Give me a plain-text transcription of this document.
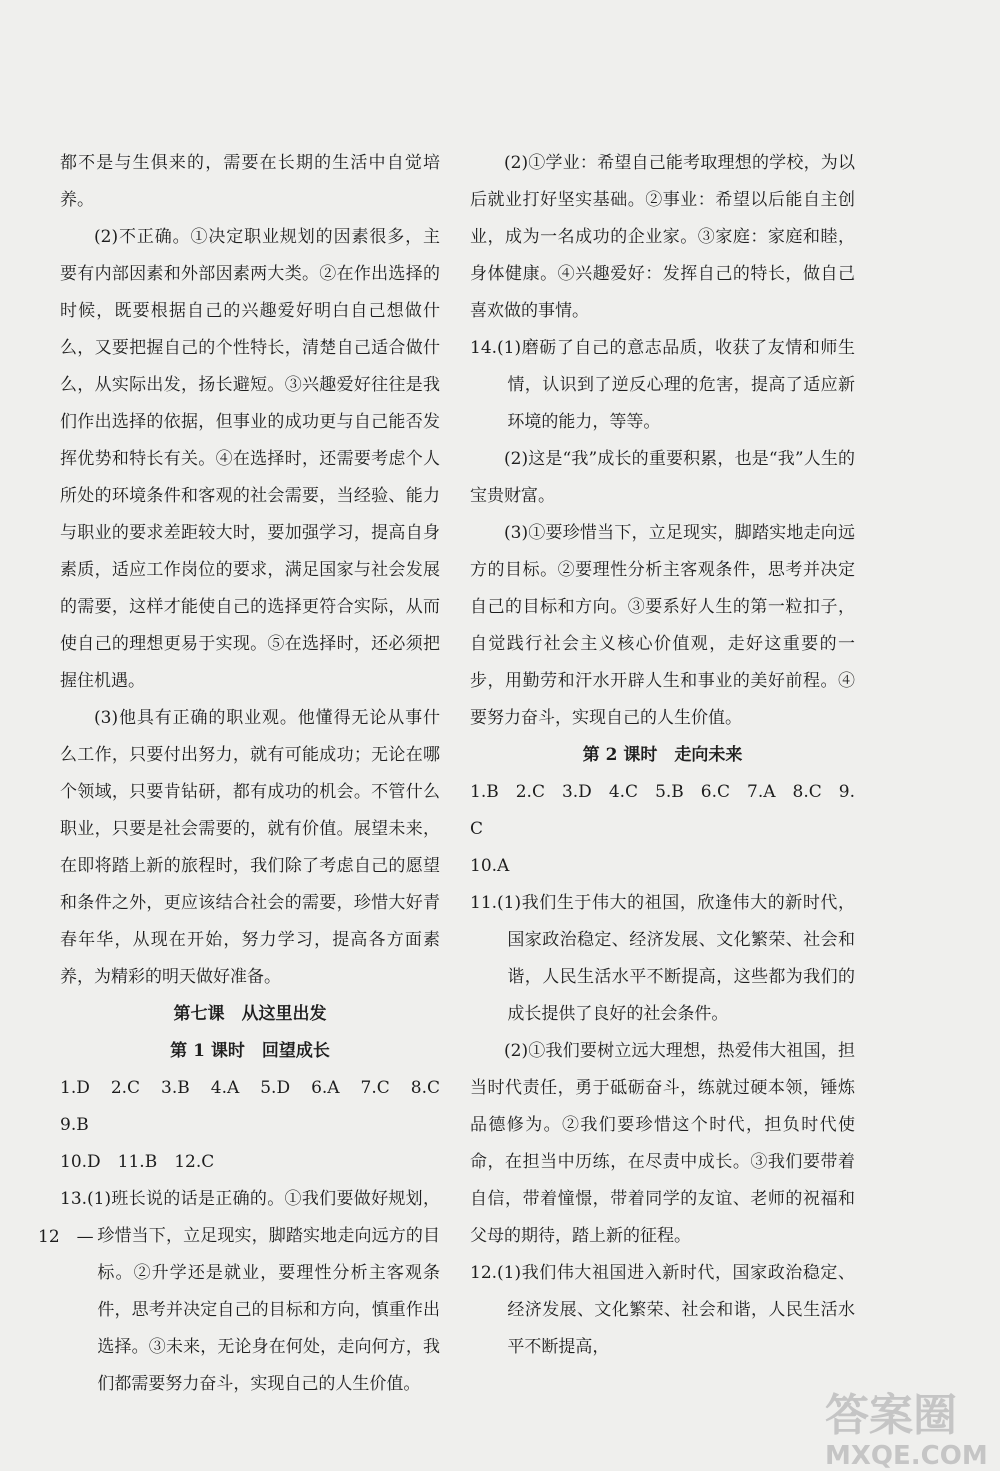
都不是与生俱来的，需要在长期的生活中自觉培养。

(2)不正确。①决定职业规划的因素很多，主要有内部因素和外部因素两大类。②在作出选择的时候，既要根据自己的兴趣爱好明白自己想做什么，又要把握自己的个性特长，清楚自己适合做什么，从实际出发，扬长避短。③兴趣爱好往往是我们作出选择的依据，但事业的成功更与自己能否发挥优势和特长有关。④在选择时，还需要考虑个人所处的环境条件和客观的社会需要，当经验、能力与职业的要求差距较大时，要加强学习，提高自身素质，适应工作岗位的要求，满足国家与社会发展的需要，这样才能使自己的选择更符合实际，从而使自己的理想更易于实现。⑤在选择时，还必须把握住机遇。

(3)他具有正确的职业观。他懂得无论从事什么工作，只要付出努力，就有可能成功；无论在哪个领域，只要肯钻研，都有成功的机会。不管什么职业，只要是社会需要的，就有价值。展望未来，在即将踏上新的旅程时，我们除了考虑自己的愿望和条件之外，更应该结合社会的需要，珍惜大好青春年华，从现在开始，努力学习，提高各方面素养，为精彩的明天做好准备。

第七课　从这里出发

第 1 课时　回望成长

1.D　2.C　3.B　4.A　5.D　6.A　7.C　8.C　9.B

10.D　11.B　12.C

13.(1)班长说的话是正确的。①我们要做好规划，珍惜当下，立足现实，脚踏实地走向远方的目标。②升学还是就业，要理性分析主客观条件，思考并决定自己的目标和方向，慎重作出选择。③未来，无论身在何处，走向何方，我们都需要努力奋斗，实现自己的人生价值。

(2)①学业：希望自己能考取理想的学校，为以后就业打好坚实基础。②事业：希望以后能自主创业，成为一名成功的企业家。③家庭：家庭和睦，身体健康。④兴趣爱好：发挥自己的特长，做自己喜欢做的事情。

14.(1)磨砺了自己的意志品质，收获了友情和师生情，认识到了逆反心理的危害，提高了适应新环境的能力，等等。

(2)这是“我”成长的重要积累，也是“我”人生的宝贵财富。

(3)①要珍惜当下，立足现实，脚踏实地走向远方的目标。②要理性分析主客观条件，思考并决定自己的目标和方向。③要系好人生的第一粒扣子，自觉践行社会主义核心价值观，走好这重要的一步，用勤劳和汗水开辟人生和事业的美好前程。④要努力奋斗，实现自己的人生价值。

第 2 课时　走向未来

1.B　2.C　3.D　4.C　5.B　6.C　7.A　8.C　9.C

10.A

11.(1)我们生于伟大的祖国，欣逢伟大的新时代，国家政治稳定、经济发展、文化繁荣、社会和谐，人民生活水平不断提高，这些都为我们的成长提供了良好的社会条件。

(2)①我们要树立远大理想，热爱伟大祖国，担当时代责任，勇于砥砺奋斗，练就过硬本领，锤炼品德修为。②我们要珍惜这个时代，担负时代使命，在担当中历练，在尽责中成长。③我们要带着自信，带着憧憬，带着同学的友谊、老师的祝福和父母的期待，踏上新的征程。

12.(1)我们伟大祖国进入新时代，国家政治稳定、经济发展、文化繁荣、社会和谐，人民生活水平不断提高，

12　—
答案圈
MXQE.COM
